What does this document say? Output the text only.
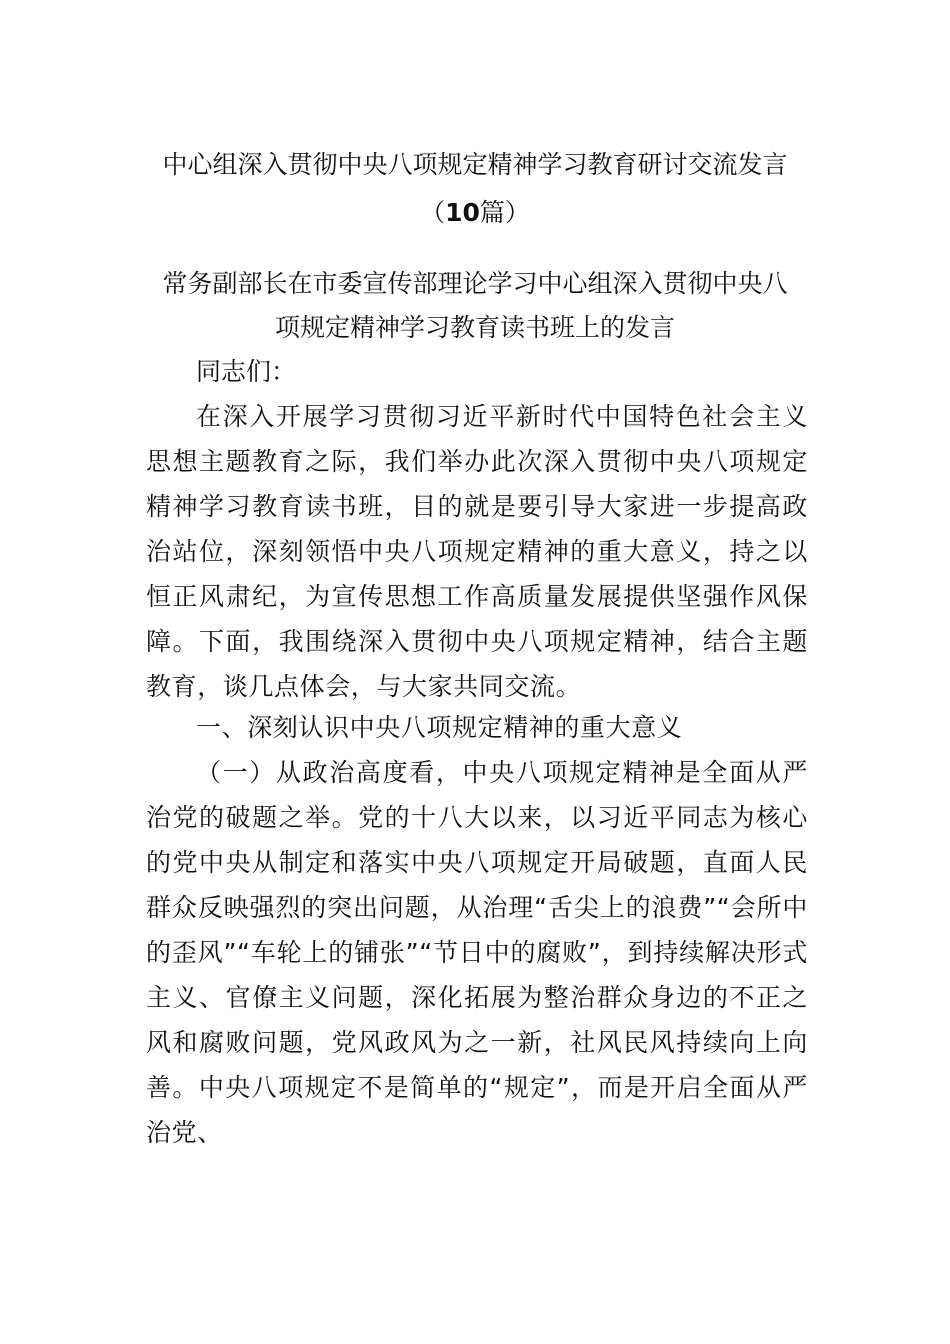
中心组深入贯彻中央八项规定精神学习教育研讨交流发言
（10篇）
常务副部长在市委宣传部理论学习中心组深入贯彻中央八
项规定精神学习教育读书班上的发言
同志们：
在深入开展学习贯彻习近平新时代中国特色社会主义思想主题教育之际，我们举办此次深入贯彻中央八项规定精神学习教育读书班，目的就是要引导大家进一步提高政治站位，深刻领悟中央八项规定精神的重大意义，持之以恒正风肃纪，为宣传思想工作高质量发展提供坚强作风保障。下面，我围绕深入贯彻中央八项规定精神，结合主题教育，谈几点体会，与大家共同交流。
一、深刻认识中央八项规定精神的重大意义
（一）从政治高度看，中央八项规定精神是全面从严治党的破题之举。党的十八大以来，以习近平同志为核心的党中央从制定和落实中央八项规定开局破题，直面人民群众反映强烈的突出问题，从治理“舌尖上的浪费”“会所中的歪风”“车轮上的铺张”“节日中的腐败”，到持续解决形式主义、官僚主义问题，深化拓展为整治群众身边的不正之风和腐败问题，党风政风为之一新，社风民风持续向上向善。中央八项规定不是简单的“规定”，而是开启全面从严治党、
